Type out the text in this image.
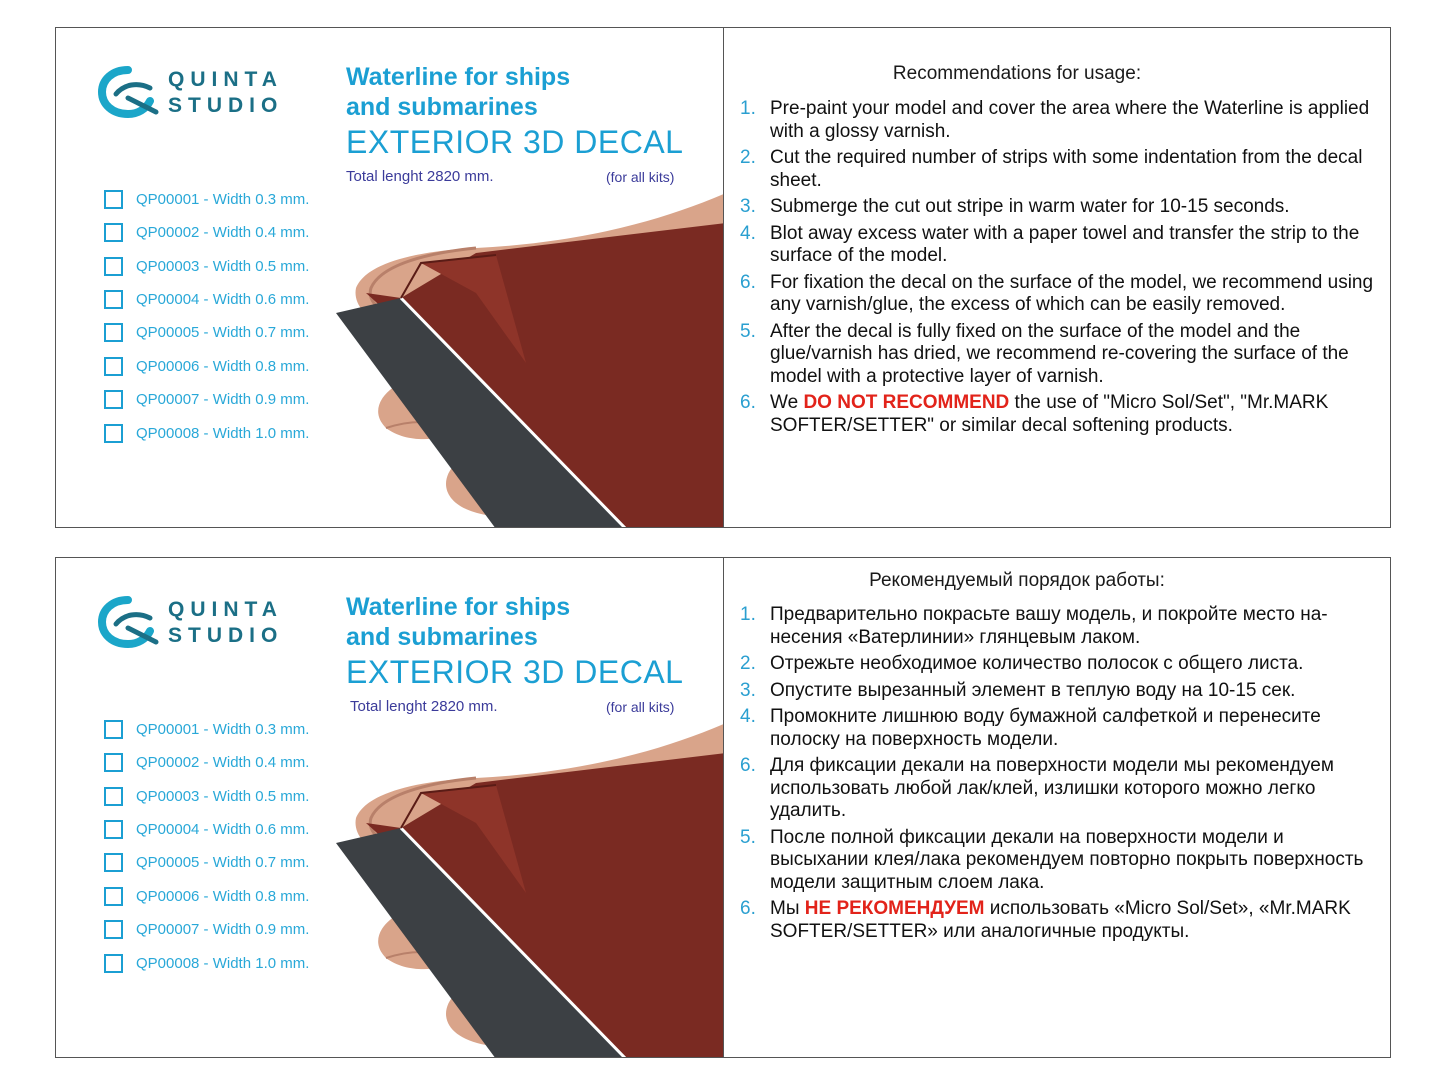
QUINTA
STUDIO
Waterline for ships
and submarines
EXTERIOR 3D DECAL
Total lenght 2820 mm.	(for all kits)
QP00001 - Width 0.3 mm.
QP00002 - Width 0.4 mm.
QP00003 - Width 0.5 mm.
QP00004 - Width 0.6 mm.
QP00005 - Width 0.7 mm.
QP00006 - Width 0.8 mm.
QP00007 - Width 0.9 mm.
QP00008 - Width 1.0 mm.
Recommendations for usage:
1. Pre-paint your model and cover the area where the Waterline is applied with a glossy varnish.
2. Cut the required number of strips with some indentation from the decal sheet.
3. Submerge the cut out stripe in warm water for 10-15 seconds.
4. Blot away excess water with a paper towel and transfer the strip to the surface of the model.
6. For fixation the decal on the surface of the model, we recommend using any varnish/glue, the excess of which can be easily removed.
5. After the decal is fully fixed on the surface of the model and the glue/varnish has dried, we recommend re-covering the surface of the model with a protective layer of varnish.
6. We DO NOT RECOMMEND the use of "Micro Sol/Set", "Mr.MARK SOFTER/SETTER" or similar decal softening products.
QUINTA
STUDIO
Waterline for ships
and submarines
EXTERIOR 3D DECAL
Total lenght 2820 mm.	(for all kits)
QP00001 - Width 0.3 mm.
QP00002 - Width 0.4 mm.
QP00003 - Width 0.5 mm.
QP00004 - Width 0.6 mm.
QP00005 - Width 0.7 mm.
QP00006 - Width 0.8 mm.
QP00007 - Width 0.9 mm.
QP00008 - Width 1.0 mm.
Рекомендуемый порядок работы:
1. Предварительно покрасьте вашу модель, и покройте место на-несения «Ватерлинии» глянцевым лаком.
2. Отрежьте необходимое количество полосок с общего листа.
3. Опустите вырезанный элемент в теплую воду на 10-15 сек.
4. Промокните лишнюю воду бумажной салфеткой и перенесите полоску на поверхность модели.
6. Для фиксации декали на поверхности модели мы рекомендуем использовать любой лак/клей, излишки которого можно легко удалить.
5. После полной фиксации декали на поверхности модели и высыхании клея/лака рекомендуем повторно покрыть поверхность модели защитным слоем лака.
6. Мы НЕ РЕКОМЕНДУЕМ использовать «Micro Sol/Set», «Mr.MARK SOFTER/SETTER» или аналогичные продукты.
